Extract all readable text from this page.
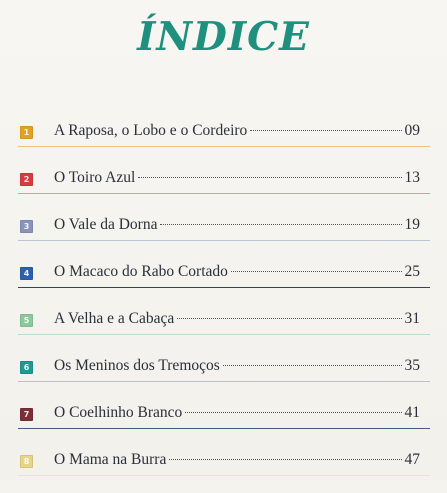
ÍNDICE
1 A Raposa, o Lobo e o Cordeiro	09
2 O Toiro Azul	13
3 O Vale da Dorna	19
4 O Macaco do Rabo Cortado	25
5 A Velha e a Cabaça	31
6 Os Meninos dos Tremoços	35
7 O Coelhinho Branco	41
8 O Mama na Burra	47
